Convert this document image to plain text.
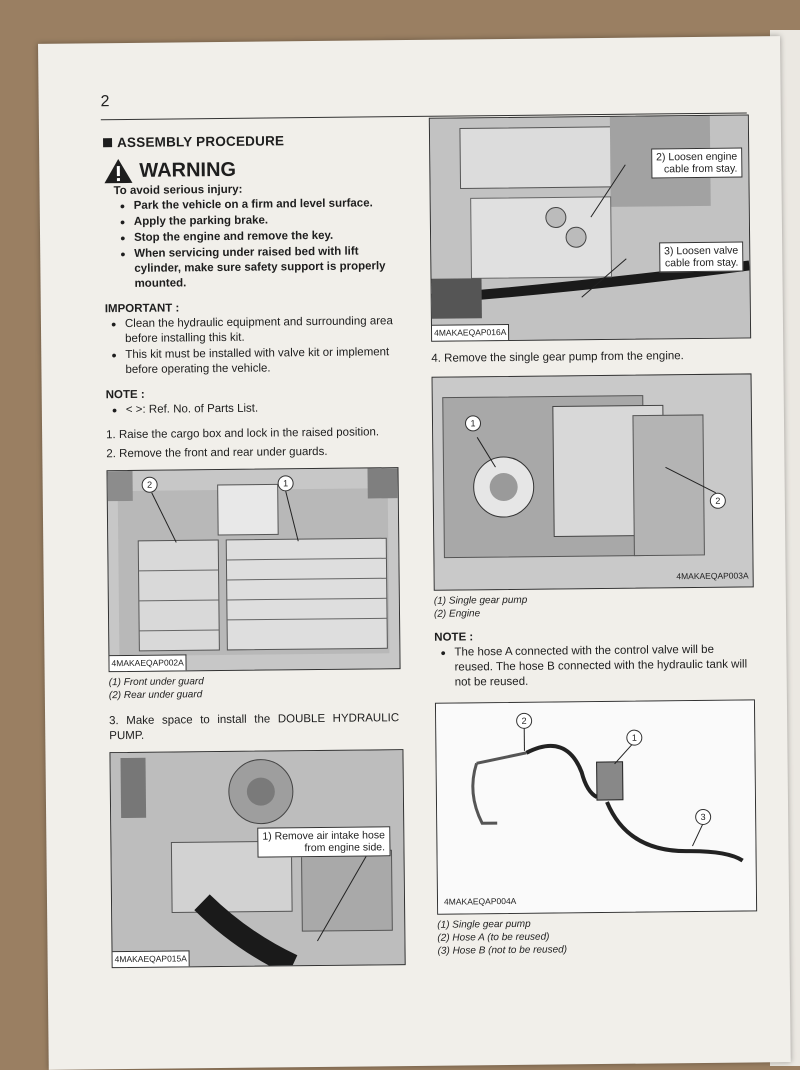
2
ASSEMBLY PROCEDURE
WARNING
To avoid serious injury:
● Park the vehicle on a firm and level surface.
● Apply the parking brake.
● Stop the engine and remove the key.
● When servicing under raised bed with lift cylinder, make sure safety support is properly mounted.
IMPORTANT :
● Clean the hydraulic equipment and surrounding area before installing this kit.
● This kit must be installed with valve kit or implement before operating the vehicle.
NOTE :
● < >: Ref. No. of Parts List.
1. Raise the cargo box and lock in the raised position.
2. Remove the front and rear under guards.
2	1
4MAKAEQAP002A
(1) Front under guard
(2) Rear under guard
3. Make space to install the DOUBLE HYDRAULIC PUMP.
1) Remove air intake hose
from engine side.
4MAKAEQAP015A
2) Loosen engine
cable from stay.
3) Loosen valve
cable from stay.
4MAKAEQAP016A
4. Remove the single gear pump from the engine.
1
2
4MAKAEQAP003A
(1) Single gear pump
(2) Engine
NOTE :
● The hose A connected with the control valve will be reused. The hose B connected with the hydraulic tank will not be reused.
2
1
3
4MAKAEQAP004A
(1) Single gear pump
(2) Hose A (to be reused)
(3) Hose B (not to be reused)
